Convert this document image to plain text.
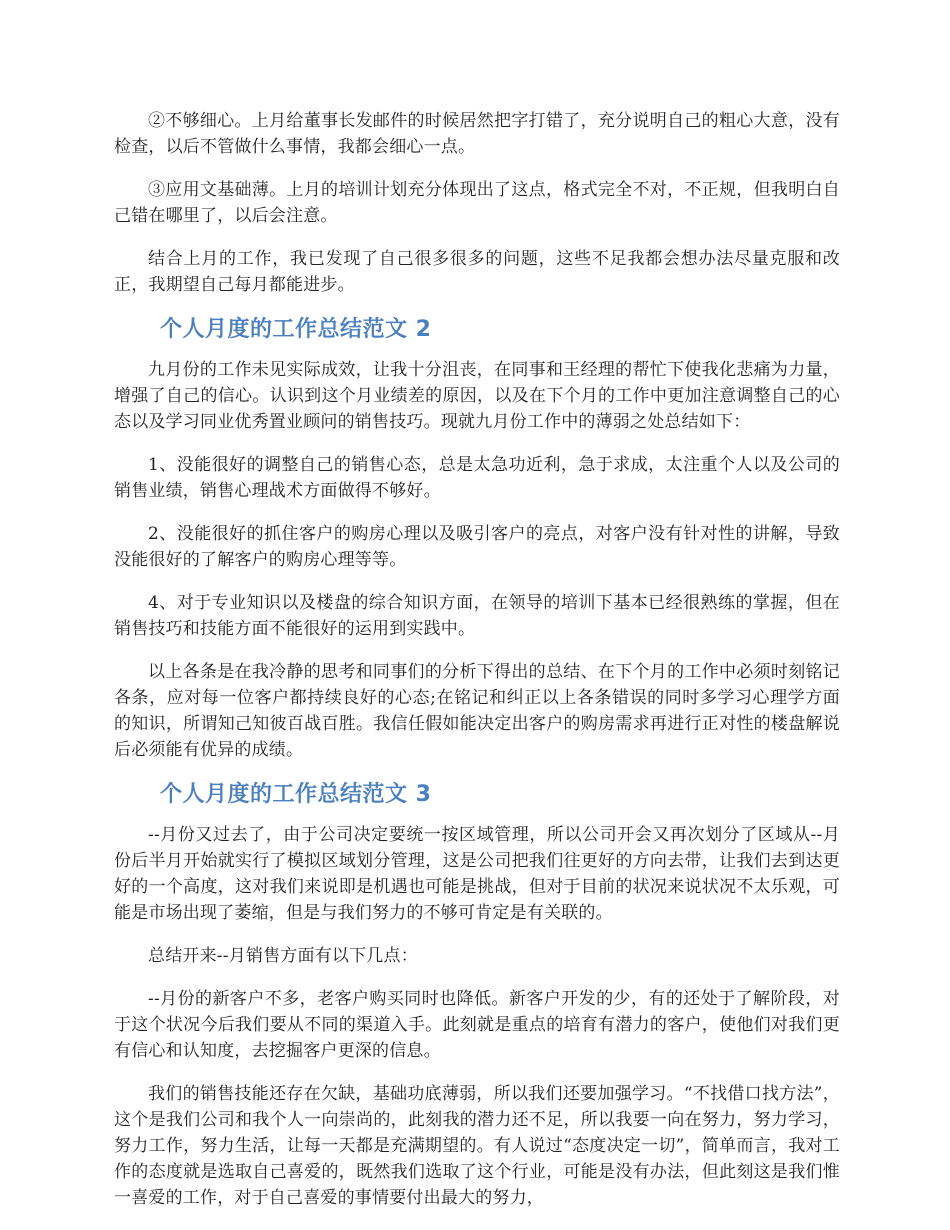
②不够细心。上月给董事长发邮件的时候居然把字打错了，充分说明自己的粗心大意，没有检查，以后不管做什么事情，我都会细心一点。

③应用文基础薄。上月的培训计划充分体现出了这点，格式完全不对，不正规，但我明白自己错在哪里了，以后会注意。

结合上月的工作，我已发现了自己很多很多的问题，这些不足我都会想办法尽量克服和改正，我期望自己每月都能进步。

个人月度的工作总结范文 2

九月份的工作未见实际成效，让我十分沮丧，在同事和王经理的帮忙下使我化悲痛为力量，增强了自己的信心。认识到这个月业绩差的原因，以及在下个月的工作中更加注意调整自己的心态以及学习同业优秀置业顾问的销售技巧。现就九月份工作中的薄弱之处总结如下：

1、没能很好的调整自己的销售心态，总是太急功近利，急于求成，太注重个人以及公司的销售业绩，销售心理战术方面做得不够好。

2、没能很好的抓住客户的购房心理以及吸引客户的亮点，对客户没有针对性的讲解，导致没能很好的了解客户的购房心理等等。

4、对于专业知识以及楼盘的综合知识方面，在领导的培训下基本已经很熟练的掌握，但在销售技巧和技能方面不能很好的运用到实践中。

以上各条是在我冷静的思考和同事们的分析下得出的总结、在下个月的工作中必须时刻铭记各条，应对每一位客户都持续良好的心态;在铭记和纠正以上各条错误的同时多学习心理学方面的知识，所谓知己知彼百战百胜。我信任假如能决定出客户的购房需求再进行正对性的楼盘解说后必须能有优异的成绩。

个人月度的工作总结范文 3

--月份又过去了，由于公司决定要统一按区域管理，所以公司开会又再次划分了区域从--月份后半月开始就实行了模拟区域划分管理，这是公司把我们往更好的方向去带，让我们去到达更好的一个高度，这对我们来说即是机遇也可能是挑战，但对于目前的状况来说状况不太乐观，可能是市场出现了萎缩，但是与我们努力的不够可肯定是有关联的。

总结开来--月销售方面有以下几点：

--月份的新客户不多，老客户购买同时也降低。新客户开发的少，有的还处于了解阶段，对于这个状况今后我们要从不同的渠道入手。此刻就是重点的培育有潜力的客户，使他们对我们更有信心和认知度，去挖掘客户更深的信息。

我们的销售技能还存在欠缺，基础功底薄弱，所以我们还要加强学习。“不找借口找方法”，这个是我们公司和我个人一向崇尚的，此刻我的潜力还不足，所以我要一向在努力，努力学习，努力工作，努力生活，让每一天都是充满期望的。有人说过“态度决定一切”，简单而言，我对工作的态度就是选取自己喜爱的，既然我们选取了这个行业，可能是没有办法，但此刻这是我们惟一喜爱的工作，对于自己喜爱的事情要付出最大的努力，
